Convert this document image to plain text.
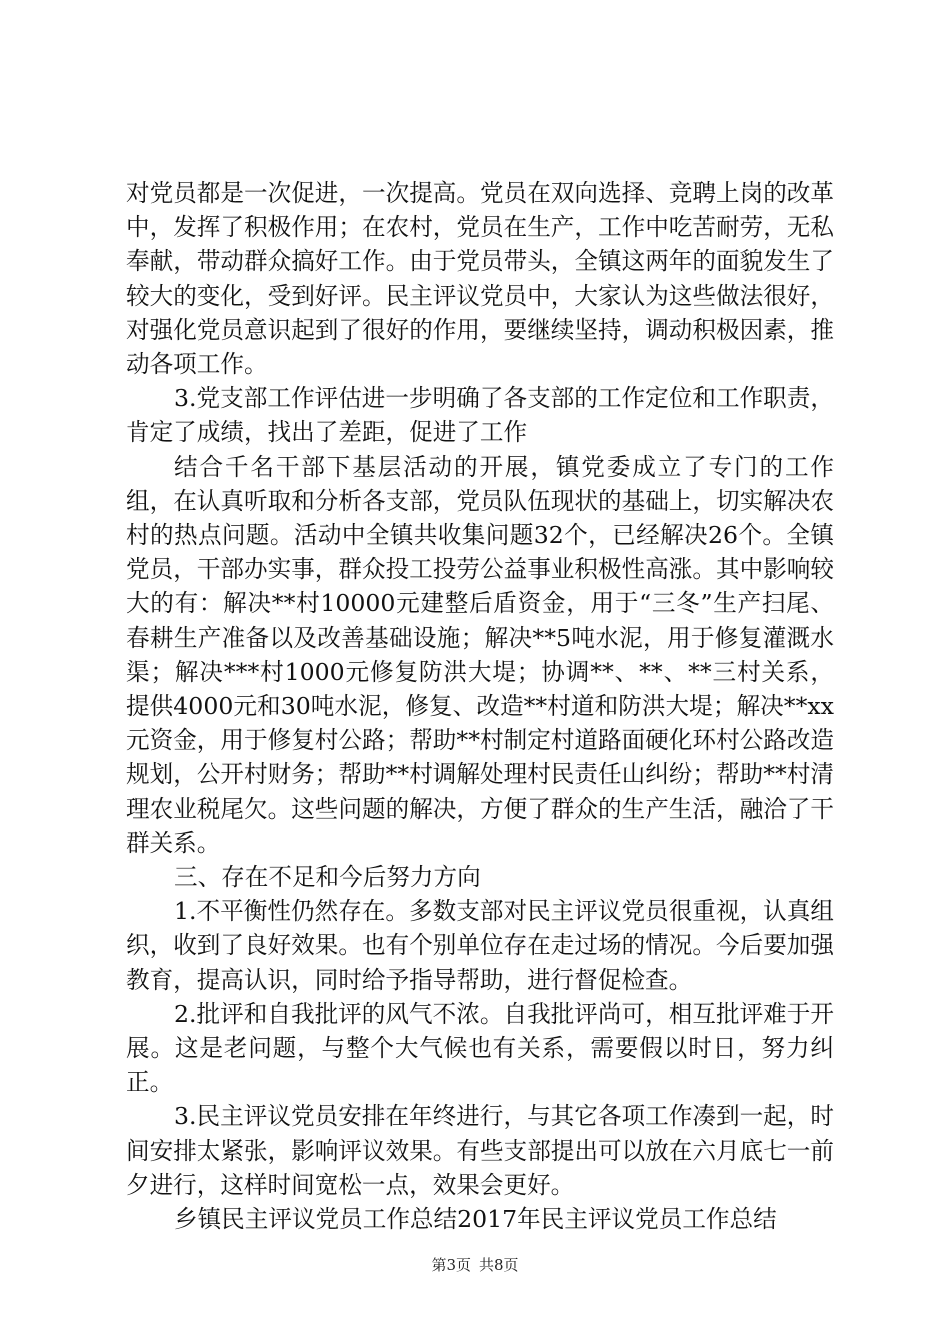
对党员都是一次促进，一次提高。党员在双向选择、竞聘上岗的改革中，发挥了积极作用；在农村，党员在生产，工作中吃苦耐劳，无私奉献，带动群众搞好工作。由于党员带头，全镇这两年的面貌发生了较大的变化，受到好评。民主评议党员中，大家认为这些做法很好，对强化党员意识起到了很好的作用，要继续坚持，调动积极因素，推动各项工作。

3.党支部工作评估进一步明确了各支部的工作定位和工作职责，肯定了成绩，找出了差距，促进了工作

结合千名干部下基层活动的开展，镇党委成立了专门的工作组，在认真听取和分析各支部，党员队伍现状的基础上，切实解决农村的热点问题。活动中全镇共收集问题32个，已经解决26个。全镇党员，干部办实事，群众投工投劳公益事业积极性高涨。其中影响较大的有：解决**村10000元建整后盾资金，用于“三冬”生产扫尾、春耕生产准备以及改善基础设施；解决**5吨水泥，用于修复灌溉水渠；解决***村1000元修复防洪大堤；协调**、**、**三村关系，提供4000元和30吨水泥，修复、改造**村道和防洪大堤；解决**xx元资金，用于修复村公路；帮助**村制定村道路面硬化环村公路改造规划，公开村财务；帮助**村调解处理村民责任山纠纷；帮助**村清理农业税尾欠。这些问题的解决，方便了群众的生产生活，融洽了干群关系。

三、存在不足和今后努力方向

1.不平衡性仍然存在。多数支部对民主评议党员很重视，认真组织，收到了良好效果。也有个别单位存在走过场的情况。今后要加强教育，提高认识，同时给予指导帮助，进行督促检查。

2.批评和自我批评的风气不浓。自我批评尚可，相互批评难于开展。这是老问题，与整个大气候也有关系，需要假以时日，努力纠正。

3.民主评议党员安排在年终进行，与其它各项工作凑到一起，时间安排太紧张，影响评议效果。有些支部提出可以放在六月底七一前夕进行，这样时间宽松一点，效果会更好。

乡镇民主评议党员工作总结2017年民主评议党员工作总结

第3页 共8页
